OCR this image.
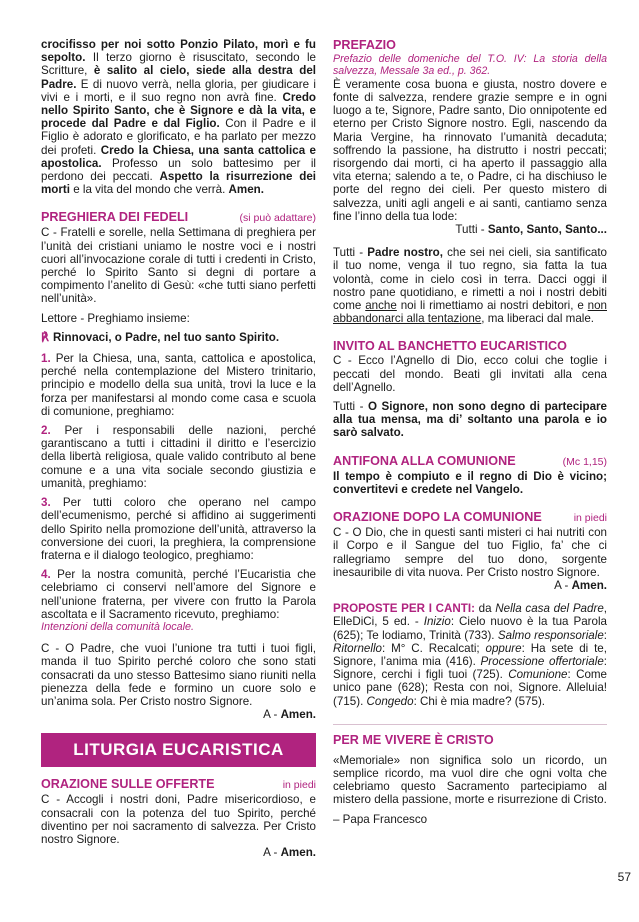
crocifisso per noi sotto Ponzio Pilato, morì e fu sepolto. Il terzo giorno è risuscitato, secondo le Scritture, è salito al cielo, siede alla destra del Padre. E di nuovo verrà, nella gloria, per giudicare i vivi e i morti, e il suo regno non avrà fine. Credo nello Spirito Santo, che è Signore e dà la vita, e procede dal Padre e dal Figlio. Con il Padre e il Figlio è adorato e glorificato, e ha parlato per mezzo dei profeti. Credo la Chiesa, una santa cattolica e apostolica. Professo un solo battesimo per il perdono dei peccati. Aspetto la risurrezione dei morti e la vita del mondo che verrà. Amen.

PREGHIERA DEI FEDELI	(si può adattare)

C - Fratelli e sorelle, nella Settimana di preghiera per l’unità dei cristiani uniamo le nostre voci e i nostri cuori all’invocazione corale di tutti i credenti in Cristo, perché lo Spirito Santo si degni di portare a compimento l’anelito di Gesù: «che tutti siano perfetti nell’unità».

Lettore - Preghiamo insieme:

℟ Rinnovaci, o Padre, nel tuo santo Spirito.

1. Per la Chiesa, una, santa, cattolica e apostolica, perché nella contemplazione del Mistero trinitario, principio e modello della sua unità, trovi la luce e la forza per manifestarsi al mondo come casa e scuola di comunione, preghiamo:

2. Per i responsabili delle nazioni, perché garantiscano a tutti i cittadini il diritto e l’esercizio della libertà religiosa, quale valido contributo al bene comune e a una vita sociale secondo giustizia e umanità, preghiamo:

3. Per tutti coloro che operano nel campo dell’ecumenismo, perché si affidino ai suggerimenti dello Spirito nella promozione dell’unità, attraverso la conversione dei cuori, la preghiera, la comprensione fraterna e il dialogo teologico, preghiamo:

4. Per la nostra comunità, perché l’Eucaristia che celebriamo ci conservi nell’amore del Signore e nell’unione fraterna, per vivere con frutto la Parola ascoltata e il Sacramento ricevuto, preghiamo:

Intenzioni della comunità locale.

C - O Padre, che vuoi l’unione tra tutti i tuoi figli, manda il tuo Spirito perché coloro che sono stati consacrati da uno stesso Battesimo siano riuniti nella pienezza della fede e formino un cuore solo e un’anima sola. Per Cristo nostro Signore.

A - Amen.

LITURGIA EUCARISTICA
ORAZIONE SULLE OFFERTE	in piedi

C - Accogli i nostri doni, Padre misericordioso, e consacrali con la potenza del tuo Spirito, perché diventino per noi sacramento di salvezza. Per Cristo nostro Signore.

A - Amen.

PREFAZIO

Prefazio delle domeniche del T.O. IV: La storia della salvezza, Messale 3a ed., p. 362.

È veramente cosa buona e giusta, nostro dovere e fonte di salvezza, rendere grazie sempre e in ogni luogo a te, Signore, Padre santo, Dio onnipotente ed eterno per Cristo Signore nostro. Egli, nascendo da Maria Vergine, ha rinnovato l’umanità decaduta; soffrendo la passione, ha distrutto i nostri peccati; risorgendo dai morti, ci ha aperto il passaggio alla vita eterna; salendo a te, o Padre, ci ha dischiuso le porte del regno dei cieli. Per questo mistero di salvezza, uniti agli angeli e ai santi, cantiamo senza fine l’inno della tua lode:

Tutti - Santo, Santo, Santo...

Tutti - Padre nostro, che sei nei cieli, sia santificato il tuo nome, venga il tuo regno, sia fatta la tua volontà, come in cielo così in terra. Dacci oggi il nostro pane quotidiano, e rimetti a noi i nostri debiti come anche noi li rimettiamo ai nostri debitori, e non abbandonarci alla tentazione, ma liberaci dal male.

INVITO AL BANCHETTO EUCARISTICO

C - Ecco l’Agnello di Dio, ecco colui che toglie i peccati del mondo. Beati gli invitati alla cena dell’Agnello.

Tutti - O Signore, non sono degno di partecipare alla tua mensa, ma di’ soltanto una parola e io sarò salvato.

ANTIFONA ALLA COMUNIONE	(Mc 1,15)

Il tempo è compiuto e il regno di Dio è vicino; convertitevi e credete nel Vangelo.

ORAZIONE DOPO LA COMUNIONE	in piedi

C - O Dio, che in questi santi misteri ci hai nutriti con il Corpo e il Sangue del tuo Figlio, fa’ che ci rallegriamo sempre del tuo dono, sorgente inesauribile di vita nuova. Per Cristo nostro Signore.

A - Amen.

PROPOSTE PER I CANTI: da Nella casa del Padre, ElleDiCi, 5 ed. - Inizio: Cielo nuovo è la tua Parola (625); Te lodiamo, Trinità (733). Salmo responsoriale: Ritornello: M° C. Recalcati; oppure: Ha sete di te, Signore, l’anima mia (416). Processione offertoriale: Signore, cerchi i figli tuoi (725). Comunione: Come unico pane (628); Resta con noi, Signore. Alleluia! (715). Congedo: Chi è mia madre? (575).

PER ME VIVERE È CRISTO

«Memoriale» non significa solo un ricordo, un semplice ricordo, ma vuol dire che ogni volta che celebriamo questo Sacramento partecipiamo al mistero della passione, morte e risurrezione di Cristo.

– Papa Francesco

57
